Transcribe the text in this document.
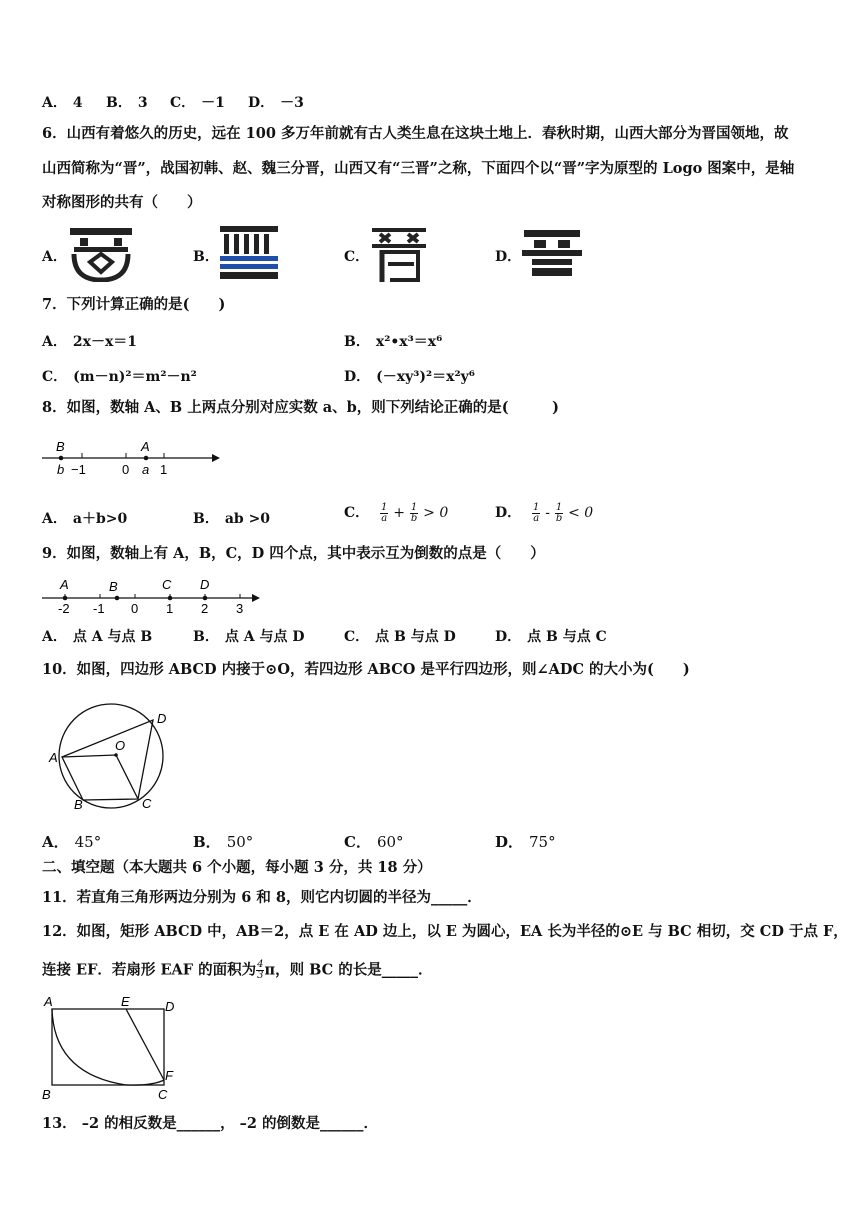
A． 4 B． 3 C． －1 D． －3
6．山西有着悠久的历史，远在 100 多万年前就有古人类生息在这块土地上．春秋时期，山西大部分为晋国领地，故
山西简称为“晋”，战国初韩、赵、魏三分晋，山西又有“三晋”之称，下面四个以“晋”字为原型的 Logo 图案中，是轴
对称图形的共有（　　）
A．	B．	C．	D．
7．下列计算正确的是(　　)
A． 2x－x＝1	B． x²•x³＝x⁶
C． (m－n)²＝m²－n²	D． (－xy³)²＝x²y⁶
8．如图，数轴 A、B 上两点分别对应实数 a、b，则下列结论正确的是(　　　)
B	A
b	a
−1	0 1
A． a＋b>0	B． ab >0	C． $\frac{1}{a} + \frac{1}{b} > 0$	D． $\frac{1}{a} - \frac{1}{b} < 0$
9．如图，数轴上有 A，B，C，D 四个点，其中表示互为倒数的点是（　　）
A	B	C D
-2 -1 0 1 2 3
A． 点 A 与点 B	B． 点 A 与点 D	C． 点 B 与点 D	D． 点 B 与点 C
10．如图，四边形 ABCD 内接于⊙O，若四边形 ABCO 是平行四边形，则∠ADC 的大小为(　　)
A
B	C
D
O
A． 45°	B． 50°	C． 60°	D． 75°
二、填空题（本大题共 6 个小题，每小题 3 分，共 18 分）
11．若直角三角形两边分别为 6 和 8，则它内切圆的半径为_____．
12．如图，矩形 ABCD 中，AB＝2，点 E 在 AD 边上，以 E 为圆心，EA 长为半径的⊙E 与 BC 相切，交 CD 于点 F，
连接 EF．若扇形 EAF 的面积为 $\frac{4}{3}$ π，则 BC 的长是_____．
A	E	D
F
B	C
13． –2 的相反数是______， –2 的倒数是______．
